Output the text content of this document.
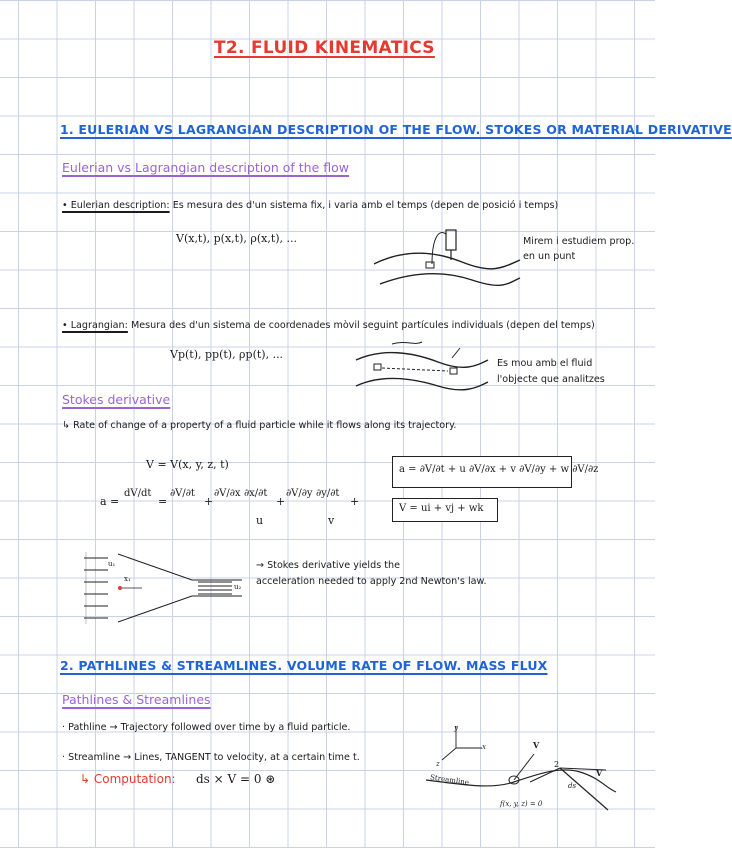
T2. FLUID KINEMATICS
1. EULERIAN VS LAGRANGIAN DESCRIPTION OF THE FLOW. STOKES OR MATERIAL DERIVATIVE
Eulerian vs Lagrangian description of the flow
• Eulerian description: Es mesura des d'un sistema fix, i varia amb el temps (depen de posició i temps)
V(x,t), p(x,t), ρ(x,t), ...	Mirem i estudiem prop.
en un punt
• Lagrangian: Mesura des d'un sistema de coordenades mòvil seguint partícules individuals (depen del temps)
Vp(t), pp(t), ρp(t), ...
Es mou amb el fluid
l'objecte que analitzes
Stokes derivative
↳ Rate of change of a property of a fluid particle while it flows along its trajectory.
V = V(x, y, z, t)
a =
dV/dt
=
∂V/∂t
+
∂V/∂x ∂x/∂t
+
∂V/∂y ∂y/∂t
+
u	v
a = ∂V/∂t + u ∂V/∂x + v ∂V/∂y + w ∂V/∂z
V = ui + vj + wk
u₁
x₁
u₂
→ Stokes derivative yields the
acceleration needed to apply 2nd Newton's law.
2. PATHLINES & STREAMLINES. VOLUME RATE OF FLOW. MASS FLUX
Pathlines & Streamlines
· Pathline → Trajectory followed over time by a fluid particle.
· Streamline → Lines, TANGENT to velocity, at a certain time t.
↳ Computation: ds × V = 0 ⊛
y
x
z
V
2
V
ds
Streamline
f(x, y, z) = 0
